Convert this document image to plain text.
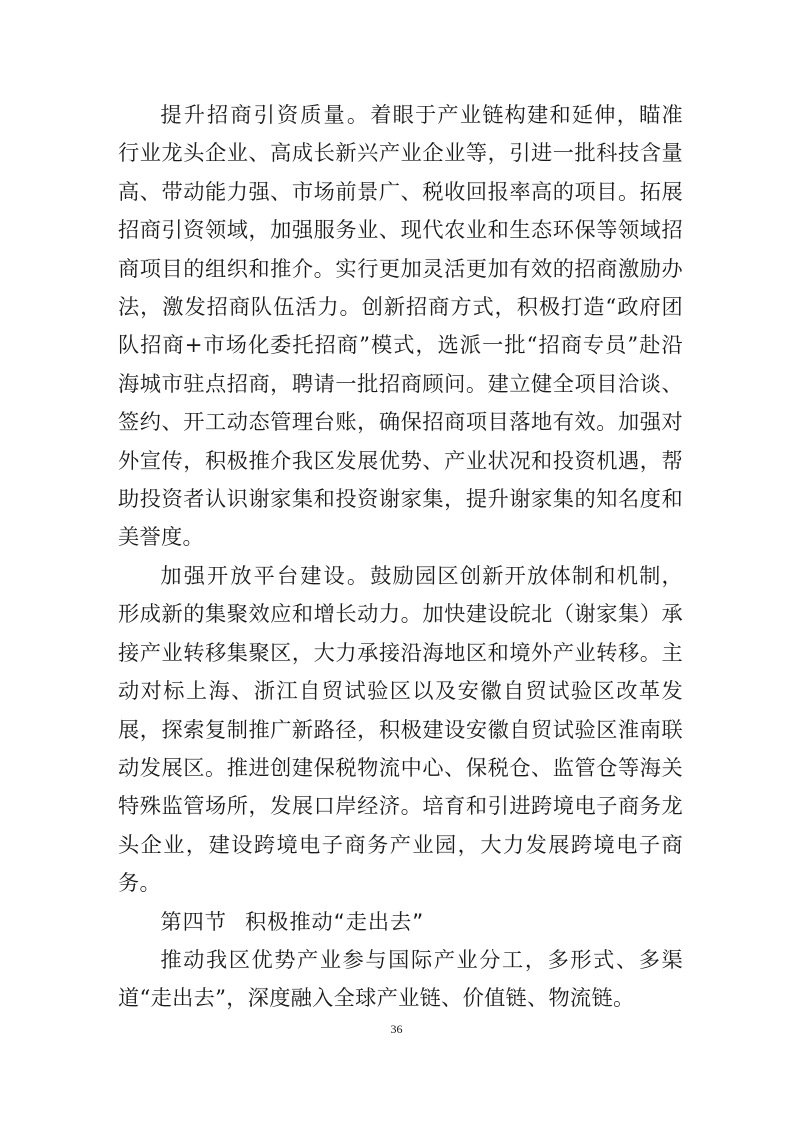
提升招商引资质量。着眼于产业链构建和延伸，瞄准行业龙头企业、高成长新兴产业企业等，引进一批科技含量高、带动能力强、市场前景广、税收回报率高的项目。拓展招商引资领域，加强服务业、现代农业和生态环保等领域招商项目的组织和推介。实行更加灵活更加有效的招商激励办法，激发招商队伍活力。创新招商方式，积极打造“政府团队招商+市场化委托招商”模式，选派一批“招商专员”赴沿海城市驻点招商，聘请一批招商顾问。建立健全项目洽谈、签约、开工动态管理台账，确保招商项目落地有效。加强对外宣传，积极推介我区发展优势、产业状况和投资机遇，帮助投资者认识谢家集和投资谢家集，提升谢家集的知名度和美誉度。

加强开放平台建设。鼓励园区创新开放体制和机制，形成新的集聚效应和增长动力。加快建设皖北（谢家集）承接产业转移集聚区，大力承接沿海地区和境外产业转移。主动对标上海、浙江自贸试验区以及安徽自贸试验区改革发展，探索复制推广新路径，积极建设安徽自贸试验区淮南联动发展区。推进创建保税物流中心、保税仓、监管仓等海关特殊监管场所，发展口岸经济。培育和引进跨境电子商务龙头企业，建设跨境电子商务产业园，大力发展跨境电子商务。

第四节 积极推动“走出去”

推动我区优势产业参与国际产业分工，多形式、多渠道“走出去”，深度融入全球产业链、价值链、物流链。

36
